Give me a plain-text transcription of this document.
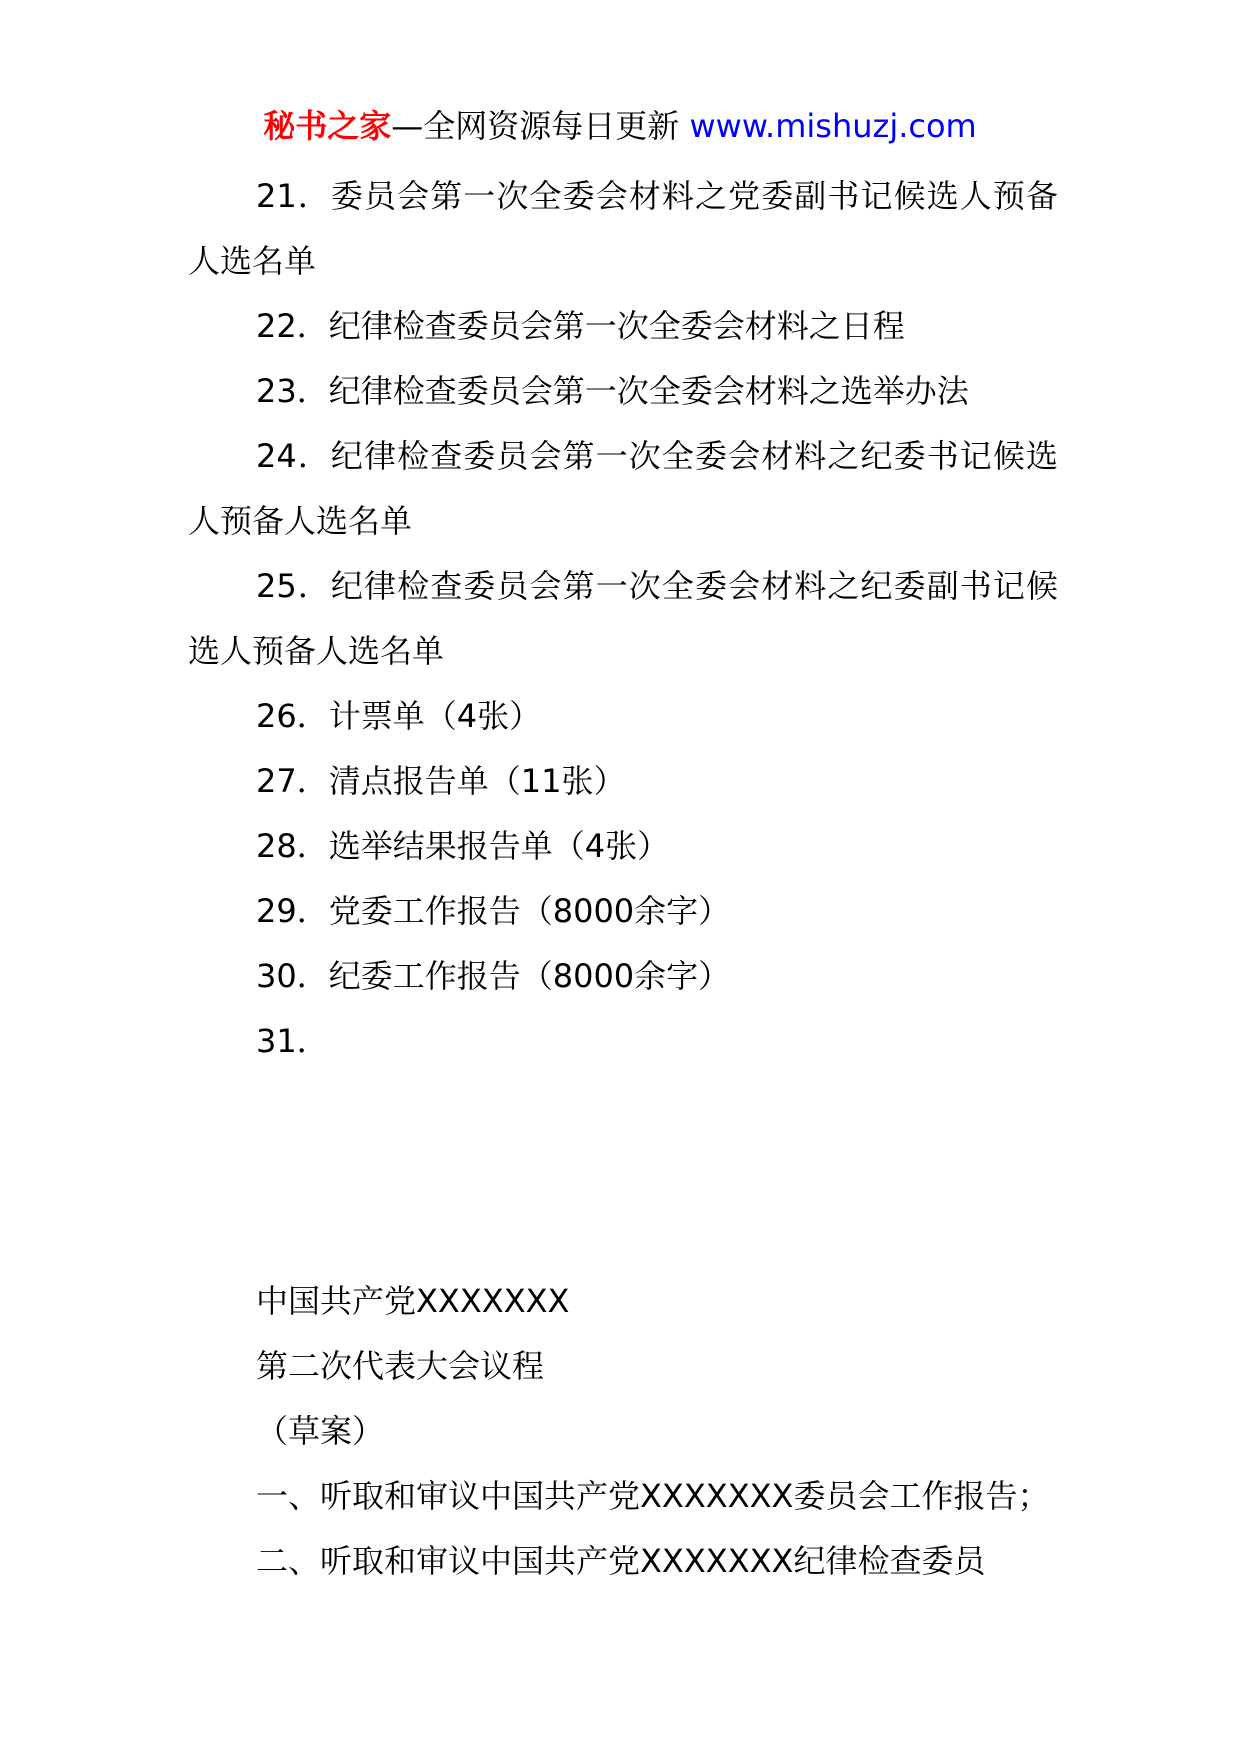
秘书之家—全网资源每日更新 www.mishuzj.com

21．委员会第一次全委会材料之党委副书记候选人预备人选名单

22．纪律检查委员会第一次全委会材料之日程

23．纪律检查委员会第一次全委会材料之选举办法

24．纪律检查委员会第一次全委会材料之纪委书记候选人预备人选名单

25．纪律检查委员会第一次全委会材料之纪委副书记候选人预备人选名单

26．计票单（4张）

27．清点报告单（11张）

28．选举结果报告单（4张）

29．党委工作报告（8000余字）

30．纪委工作报告（8000余字）

31．

中国共产党XXXXXXX

第二次代表大会议程

（草案）

一、听取和审议中国共产党XXXXXXX委员会工作报告；

二、听取和审议中国共产党XXXXXXX纪律检查委员
